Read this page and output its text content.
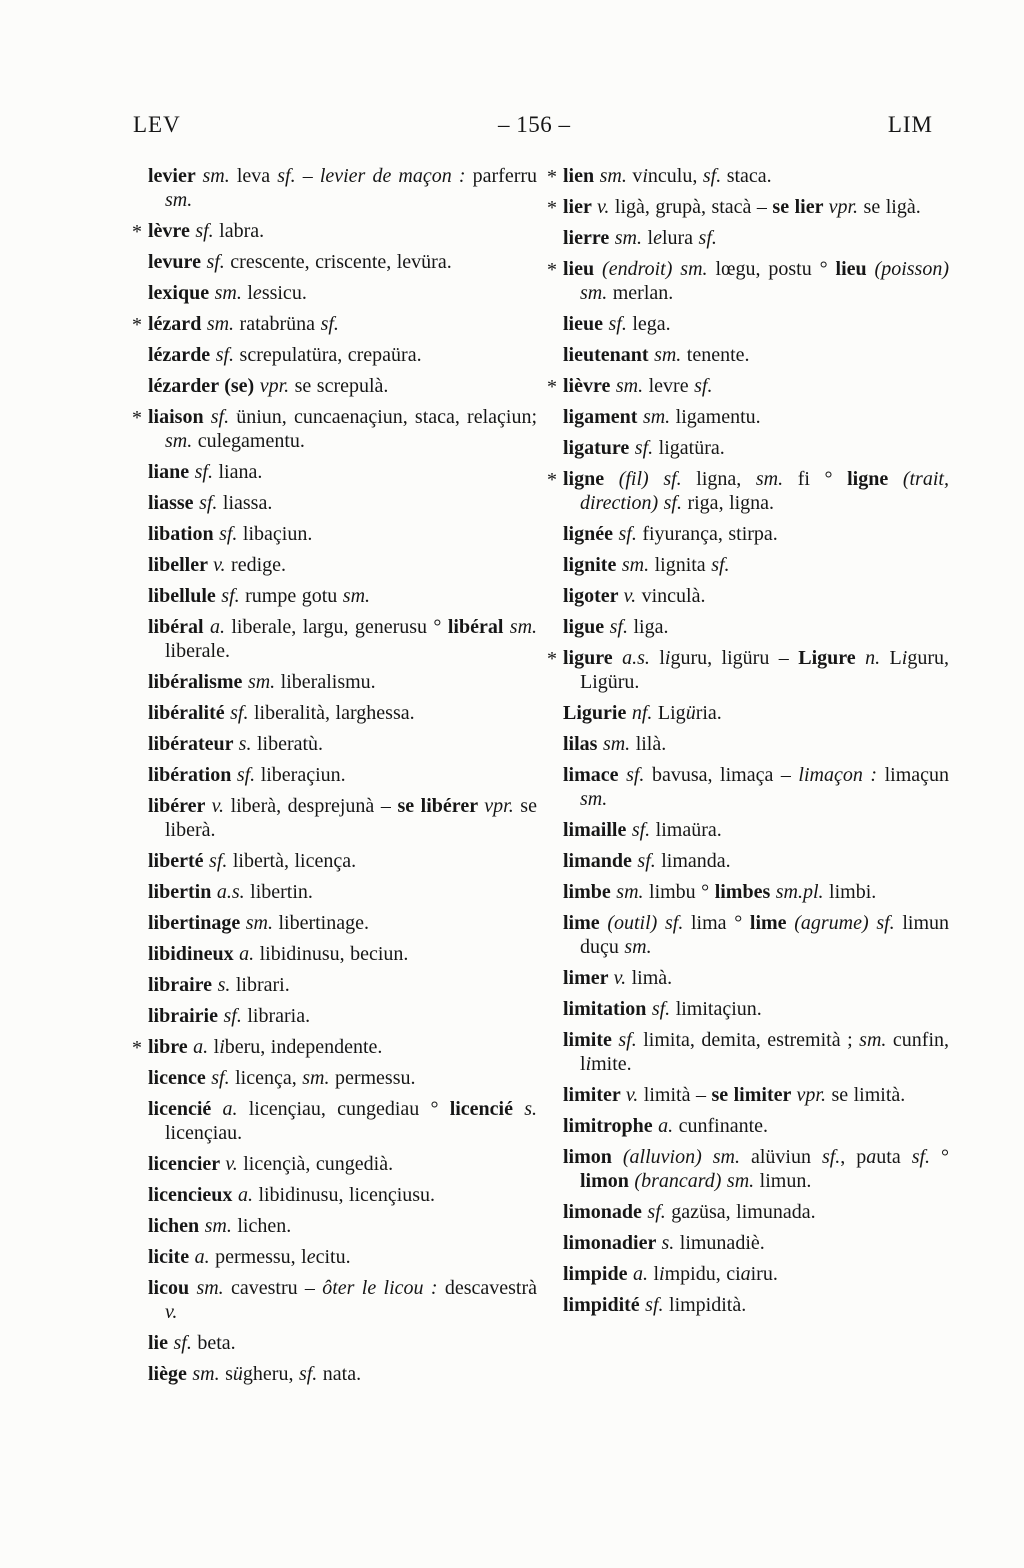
LEV	– 156 –	LIM
levier sm. leva sf. – levier de maçon : parferru sm.
* lèvre sf. labra.
levure sf. crescente, criscente, levüra.
lexique sm. lessicu.
* lézard sm. ratabrüna sf.
lézarde sf. screpulatüra, crepaüra.
lézarder (se) vpr. se screpulà.
* liaison sf. üniun, cuncaenaçiun, staca, relaçiun; sm. culegamentu.
liane sf. liana.
liasse sf. liassa.
libation sf. libaçiun.
libeller v. redige.
libellule sf. rumpe gotu sm.
libéral a. liberale, largu, generusu ° libéral sm. liberale.
libéralisme sm. liberalismu.
libéralité sf. liberalità, larghessa.
libérateur s. liberatù.
libération sf. liberaçiun.
libérer v. liberà, desprejunà – se libérer vpr. se liberà.
liberté sf. libertà, licença.
libertin a.s. libertin.
libertinage sm. libertinage.
libidineux a. libidinusu, beciun.
libraire s. librari.
librairie sf. libraria.
* libre a. liberu, independente.
licence sf. licença, sm. permessu.
licencié a. licençiau, cungediau ° licencié s. licençiau.
licencier v. licençià, cungedià.
licencieux a. libidinusu, licençiusu.
lichen sm. lichen.
licite a. permessu, lecitu.
licou sm. cavestru – ôter le licou : descavestrà v.
lie sf. beta.
liège sm. sügheru, sf. nata.
* lien sm. vinculu, sf. staca.
* lier v. ligà, grupà, stacà – se lier vpr. se ligà.
lierre sm. lelura sf.
* lieu (endroit) sm. lœgu, postu ° lieu (poisson) sm. merlan.
lieue sf. lega.
lieutenant sm. tenente.
* lièvre sm. levre sf.
ligament sm. ligamentu.
ligature sf. ligatüra.
* ligne (fil) sf. ligna, sm. fi ° ligne (trait, direction) sf. riga, ligna.
lignée sf. fiyurança, stirpa.
lignite sm. lignita sf.
ligoter v. vinculà.
ligue sf. liga.
* ligure a.s. liguru, ligüru – Ligure n. Liguru, Ligüru.
Ligurie nf. Ligüria.
lilas sm. lilà.
limace sf. bavusa, limaça – limaçon : limaçun sm.
limaille sf. limaüra.
limande sf. limanda.
limbe sm. limbu ° limbes sm.pl. limbi.
lime (outil) sf. lima ° lime (agrume) sf. limun duçu sm.
limer v. limà.
limitation sf. limitaçiun.
limite sf. limita, demita, estremità ; sm. cunfin, limite.
limiter v. limità – se limiter vpr. se limità.
limitrophe a. cunfinante.
limon (alluvion) sm. alüviun sf., pauta sf. ° limon (brancard) sm. limun.
limonade sf. gazüsa, limunada.
limonadier s. limunadiè.
limpide a. limpidu, ciairu.
limpidité sf. limpidità.
